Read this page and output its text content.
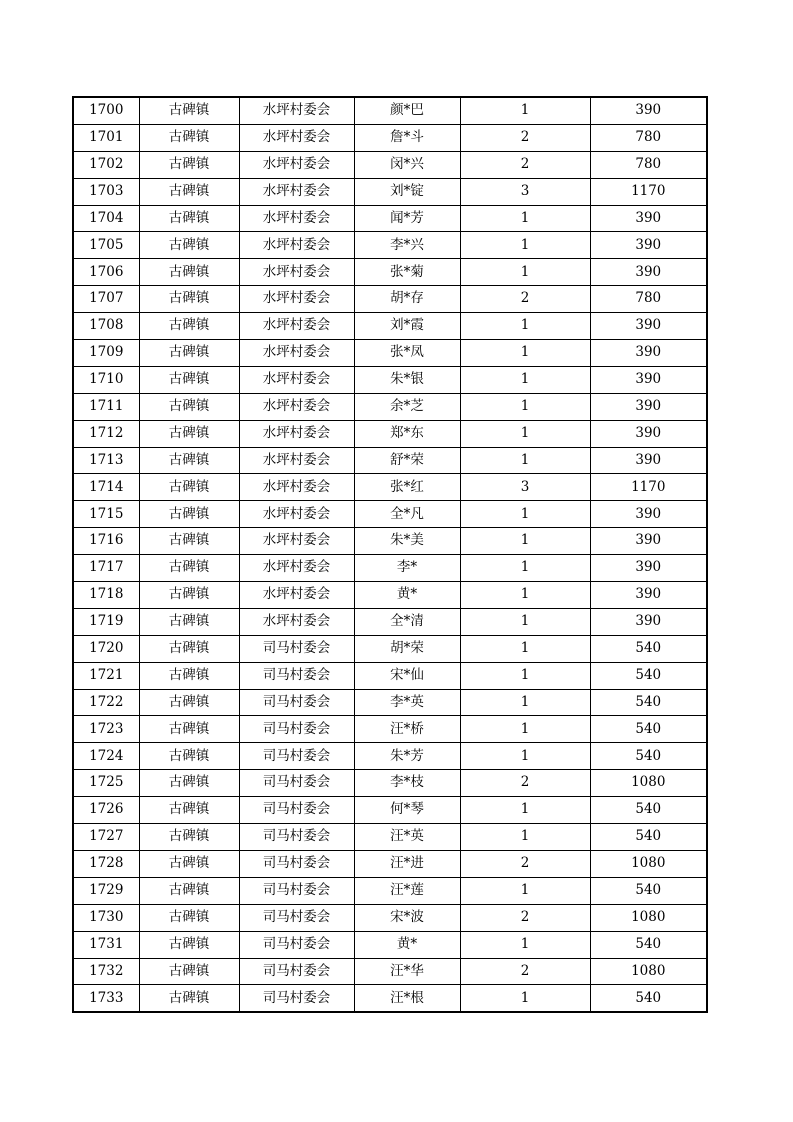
1700	古碑镇	水坪村委会	颜*巴	1	390
1701	古碑镇	水坪村委会	詹*斗	2	780
1702	古碑镇	水坪村委会	闵*兴	2	780
1703	古碑镇	水坪村委会	刘*锭	3	1170
1704	古碑镇	水坪村委会	闻*芳	1	390
1705	古碑镇	水坪村委会	李*兴	1	390
1706	古碑镇	水坪村委会	张*菊	1	390
1707	古碑镇	水坪村委会	胡*存	2	780
1708	古碑镇	水坪村委会	刘*霞	1	390
1709	古碑镇	水坪村委会	张*凤	1	390
1710	古碑镇	水坪村委会	朱*银	1	390
1711	古碑镇	水坪村委会	余*芝	1	390
1712	古碑镇	水坪村委会	郑*东	1	390
1713	古碑镇	水坪村委会	舒*荣	1	390
1714	古碑镇	水坪村委会	张*红	3	1170
1715	古碑镇	水坪村委会	全*凡	1	390
1716	古碑镇	水坪村委会	朱*美	1	390
1717	古碑镇	水坪村委会	李*	1	390
1718	古碑镇	水坪村委会	黄*	1	390
1719	古碑镇	水坪村委会	全*清	1	390
1720	古碑镇	司马村委会	胡*荣	1	540
1721	古碑镇	司马村委会	宋*仙	1	540
1722	古碑镇	司马村委会	李*英	1	540
1723	古碑镇	司马村委会	汪*桥	1	540
1724	古碑镇	司马村委会	朱*芳	1	540
1725	古碑镇	司马村委会	李*枝	2	1080
1726	古碑镇	司马村委会	何*琴	1	540
1727	古碑镇	司马村委会	汪*英	1	540
1728	古碑镇	司马村委会	汪*进	2	1080
1729	古碑镇	司马村委会	汪*莲	1	540
1730	古碑镇	司马村委会	宋*波	2	1080
1731	古碑镇	司马村委会	黄*	1	540
1732	古碑镇	司马村委会	汪*华	2	1080
1733	古碑镇	司马村委会	汪*根	1	540
